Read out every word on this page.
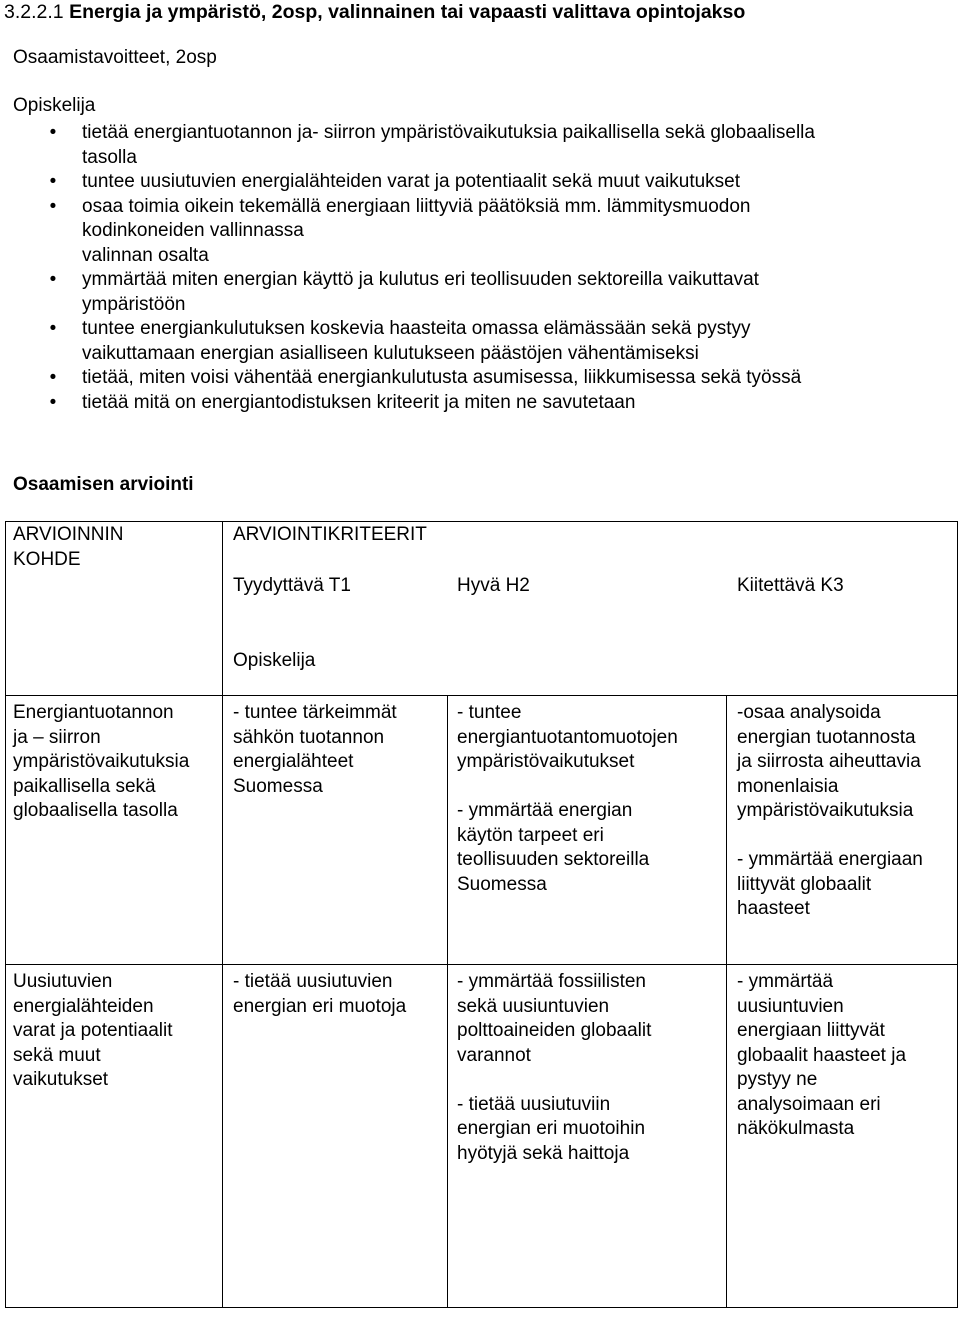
3.2.2.1 Energia ja ympäristö, 2osp, valinnainen tai vapaasti valittava opintojakso
Osaamistavoitteet, 2osp
Opiskelija
• tietää energiantuotannon ja- siirron ympäristövaikutuksia paikallisella sekä globaalisella
tasolla
• tuntee uusiutuvien energialähteiden varat ja potentiaalit sekä muut vaikutukset
• osaa toimia oikein tekemällä energiaan liittyviä päätöksiä mm. lämmitysmuodon
kodinkoneiden vallinnassa
valinnan osalta
• ymmärtää miten energian käyttö ja kulutus eri teollisuuden sektoreilla vaikuttavat
ympäristöön
• tuntee energiankulutuksen koskevia haasteita omassa elämässään sekä pystyy
vaikuttamaan energian asialliseen kulutukseen päästöjen vähentämiseksi
• tietää, miten voisi vähentää energiankulutusta asumisessa, liikkumisessa sekä työssä
• tietää mitä on energiantodistuksen kriteerit ja miten ne savutetaan
Osaamisen arviointi
ARVIOINNIN
KOHDE
ARVIOINTIKRITEERIT
Tyydyttävä T1	Hyvä H2	Kiitettävä K3
Opiskelija
Energiantuotannon
ja – siirron
ympäristövaikutuksia
paikallisella sekä
globaalisella tasolla
- tuntee tärkeimmät
sähkön tuotannon
energialähteet
Suomessa
- tuntee
energiantuotantomuotojen
ympäristövaikutukset

- ymmärtää energian
käytön tarpeet eri
teollisuuden sektoreilla
Suomessa
-osaa analysoida
energian tuotannosta
ja siirrosta aiheuttavia
monenlaisia
ympäristövaikutuksia

- ymmärtää energiaan
liittyvät globaalit
haasteet
Uusiutuvien
energialähteiden
varat ja potentiaalit
sekä muut
vaikutukset
- tietää uusiutuvien
energian eri muotoja
- ymmärtää fossiilisten
sekä uusiuntuvien
polttoaineiden globaalit
varannot

- tietää uusiutuviin
energian eri muotoihin
hyötyjä sekä haittoja
- ymmärtää
uusiuntuvien
energiaan liittyvät
globaalit haasteet ja
pystyy ne
analysoimaan eri
näkökulmasta
